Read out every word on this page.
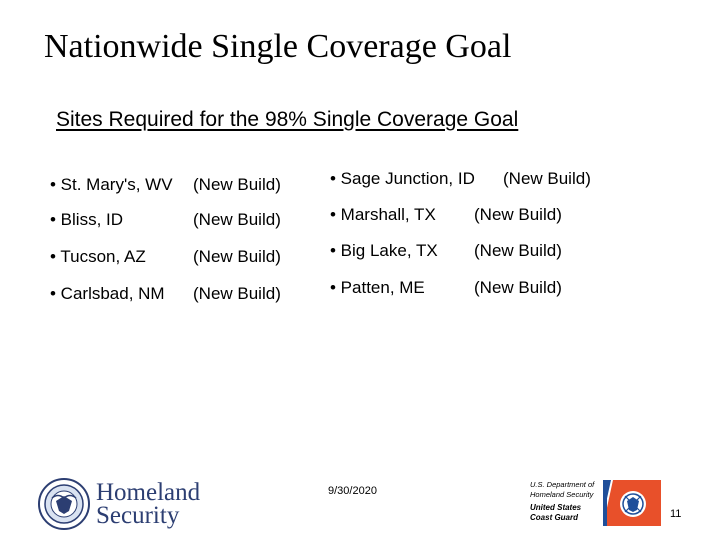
Nationwide Single Coverage Goal
Sites Required for the 98% Single Coverage Goal
• St. Mary's, WV (New Build)
• Bliss, ID	(New Build)
• Tucson, AZ	(New Build)
• Carlsbad, NM (New Build)
• Sage Junction, ID (New Build)
• Marshall, TX (New Build)
• Big Lake, TX (New Build)
• Patten, ME	(New Build)
Homeland
Security
9/30/2020
U.S. Department of
Homeland Security
United States
Coast Guard	11
